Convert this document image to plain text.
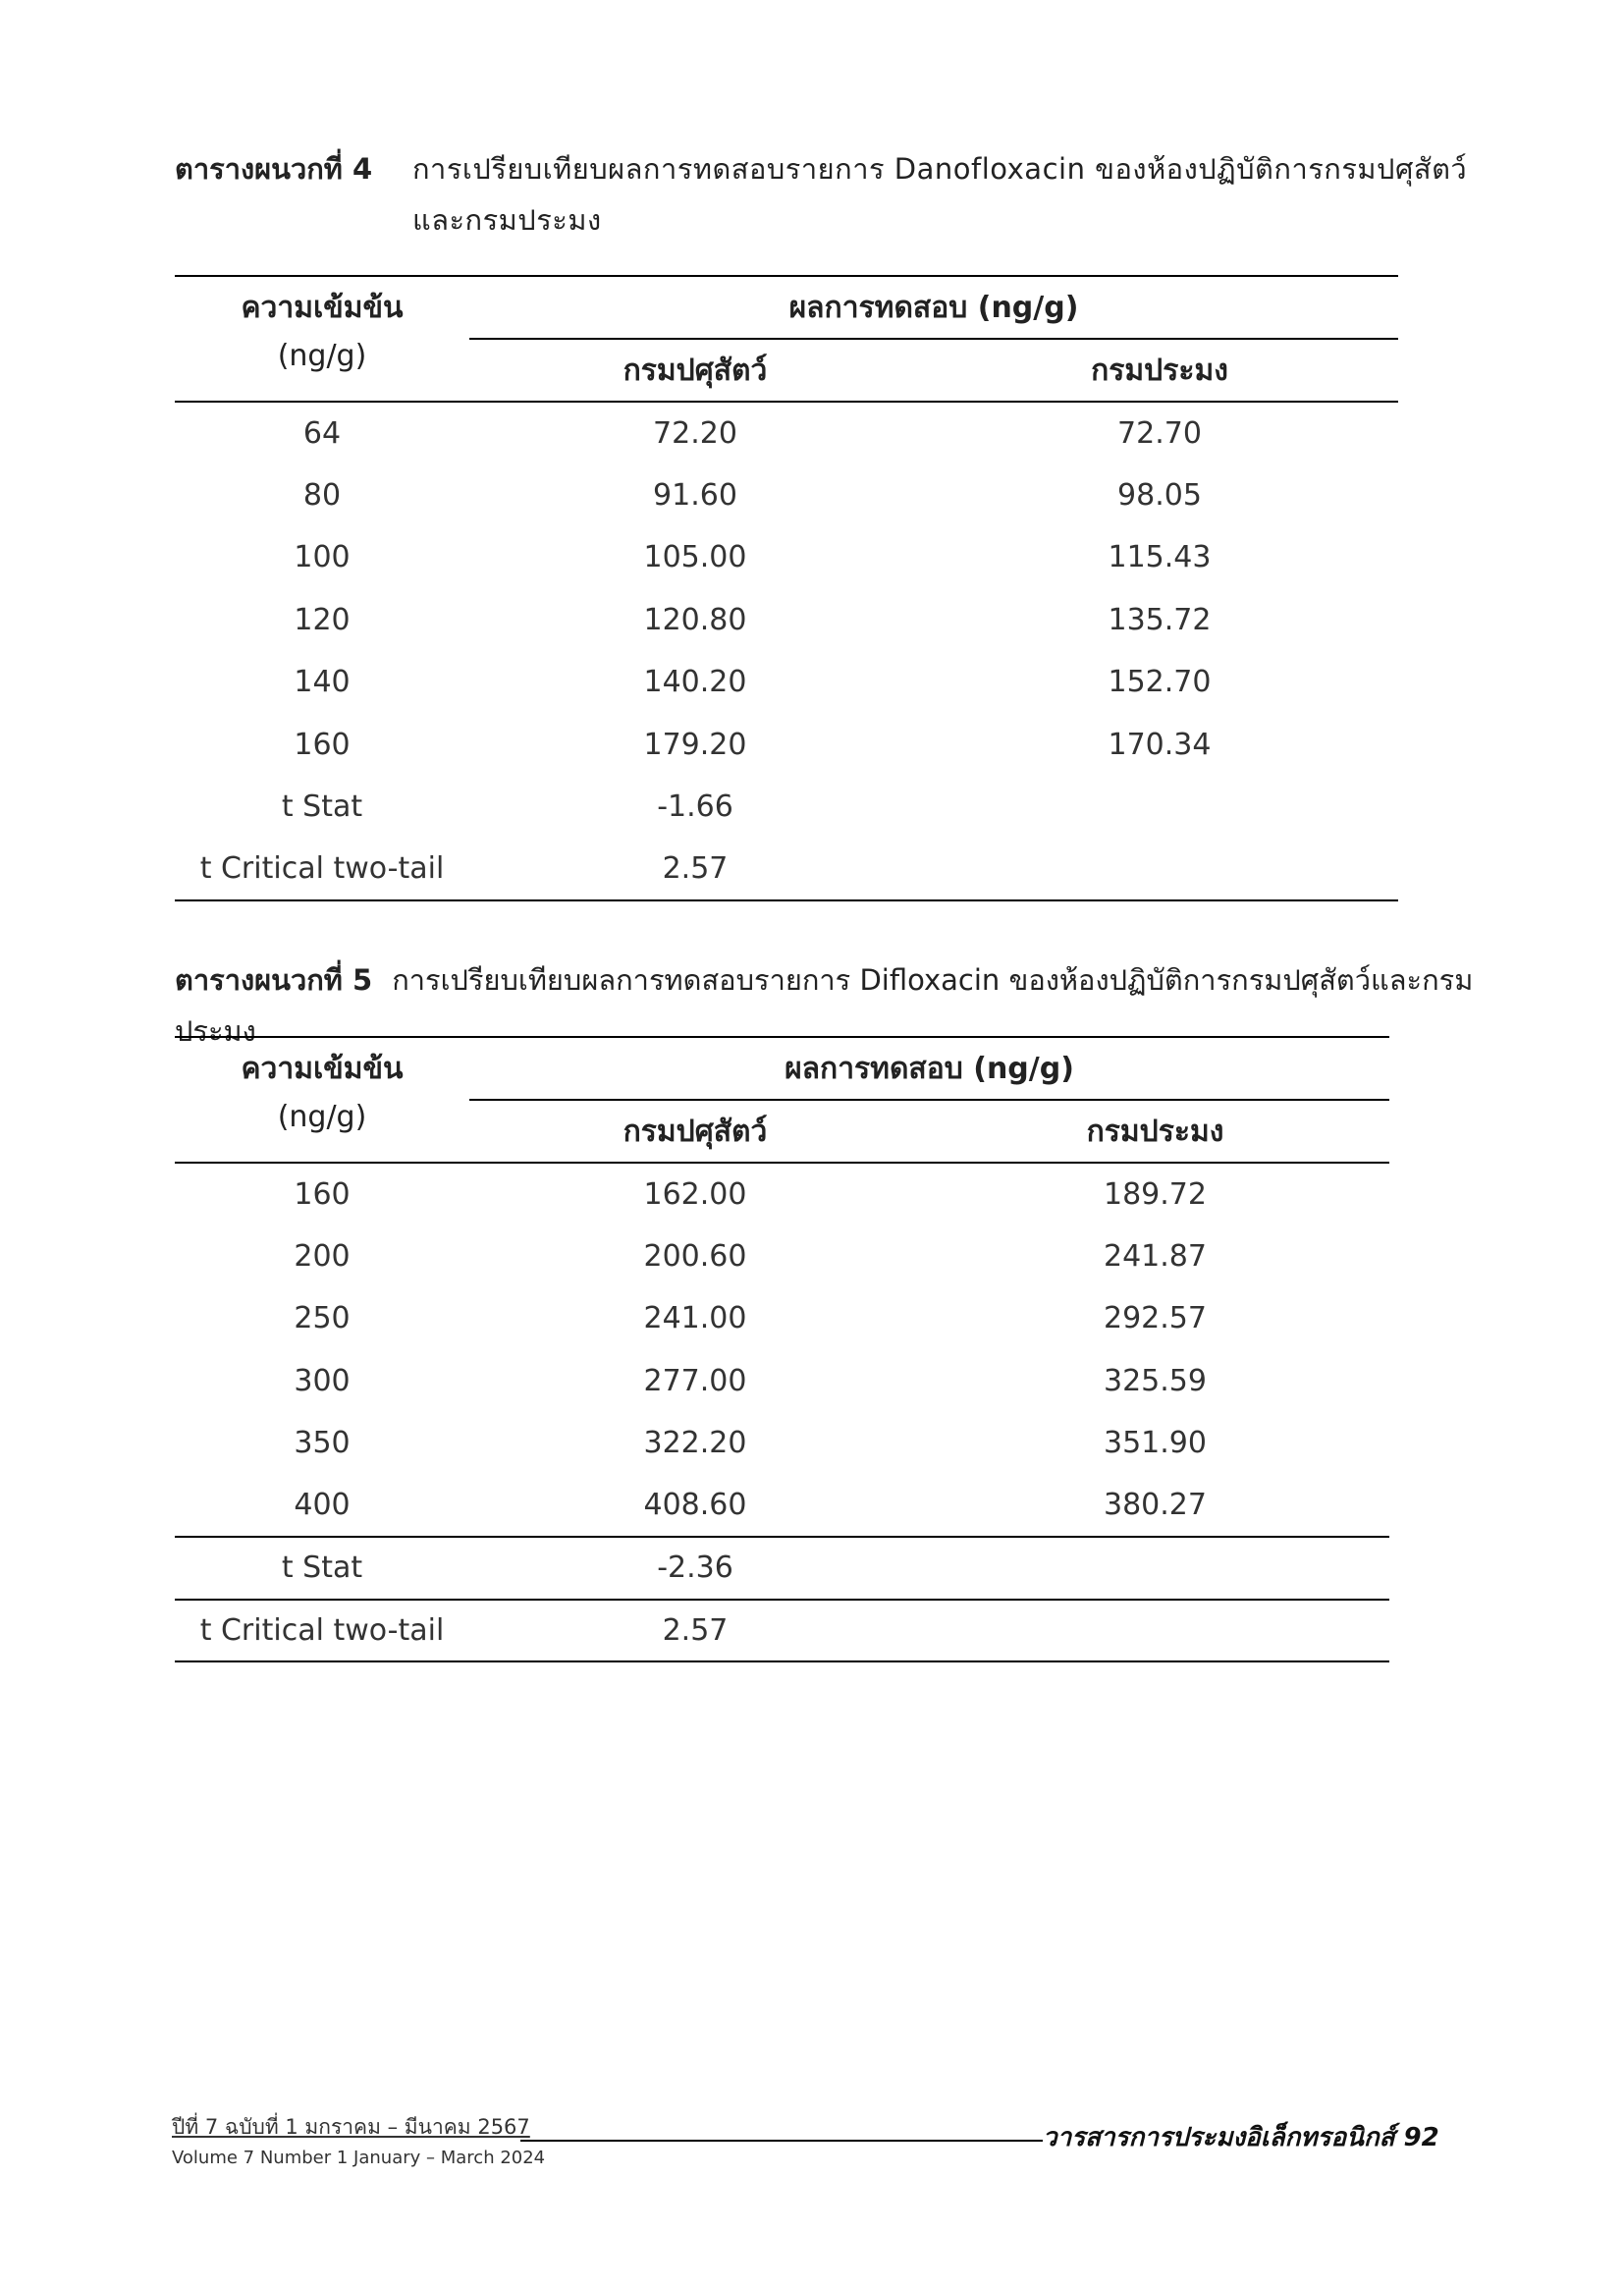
ตารางผนวกที่ 4	การเปรียบเทียบผลการทดสอบรายการ Danofloxacin ของห้องปฏิบัติการกรมปศุสัตว์และกรมประมง
ความเข้มข้น	ผลการทดสอบ (ng/g)	
(ng/g)	กรมปศุสัตว์	กรมประมง
64	72.20	72.70
80	91.60	98.05
100	105.00	115.43
120	120.80	135.72
140	140.20	152.70
160	179.20	170.34
t Stat	-1.66	
t Critical two-tail	2.57	
ตารางผนวกที่ 5 การเปรียบเทียบผลการทดสอบรายการ Difloxacin ของห้องปฏิบัติการกรมปศุสัตว์และกรมประมง
ความเข้มข้น	ผลการทดสอบ (ng/g)	
(ng/g)	กรมปศุสัตว์	กรมประมง
160	162.00	189.72
200	200.60	241.87
250	241.00	292.57
300	277.00	325.59
350	322.20	351.90
400	408.60	380.27
t Stat	-2.36	
t Critical two-tail	2.57	
ปีที่ 7 ฉบับที่ 1 มกราคม – มีนาคม 2567
Volume 7 Number 1 January – March 2024
วารสารการประมงอิเล็กทรอนิกส์ 92
